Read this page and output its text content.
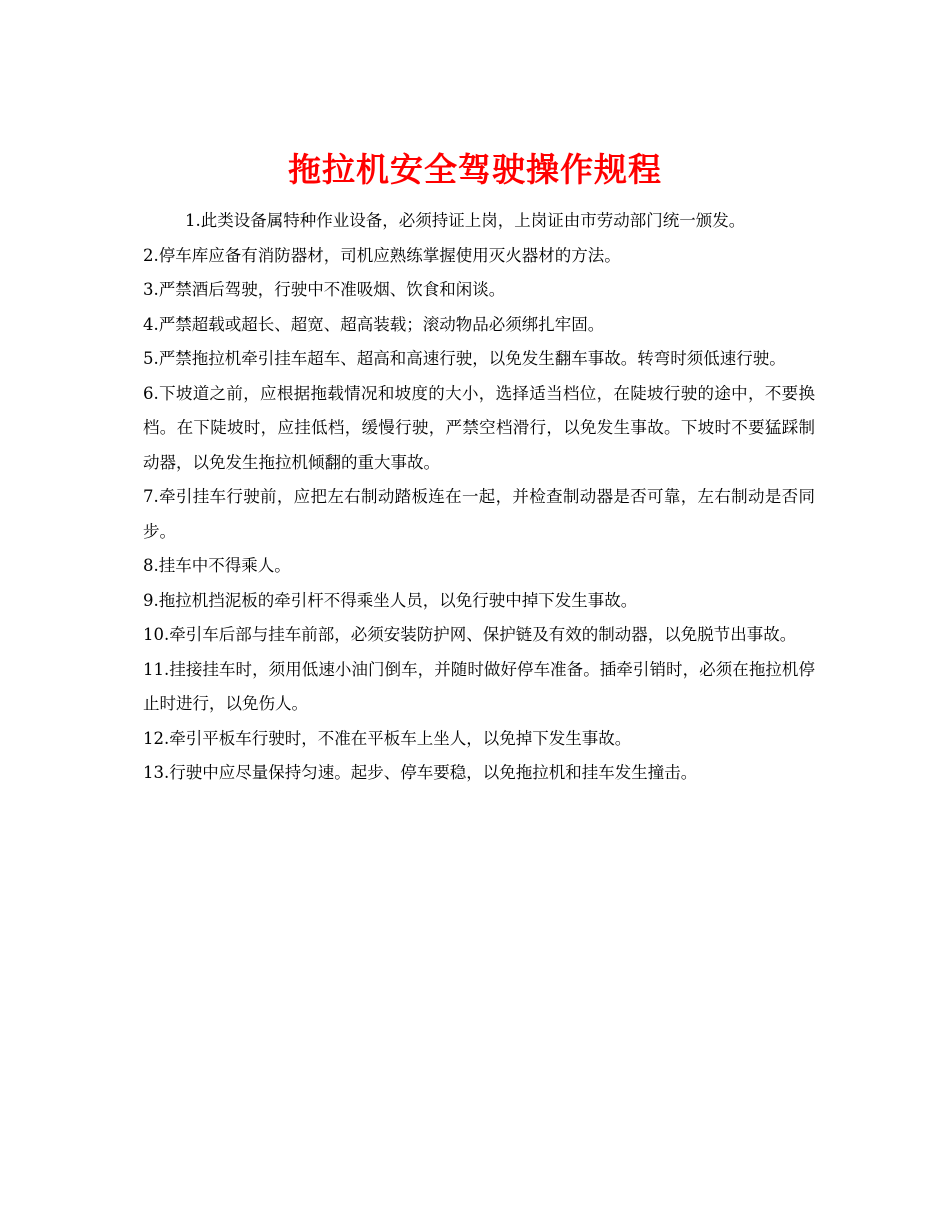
拖拉机安全驾驶操作规程

1.此类设备属特种作业设备，必须持证上岗，上岗证由市劳动部门统一颁发。

2.停车库应备有消防器材，司机应熟练掌握使用灭火器材的方法。

3.严禁酒后驾驶，行驶中不准吸烟、饮食和闲谈。

4.严禁超载或超长、超宽、超高装载；滚动物品必须绑扎牢固。

5.严禁拖拉机牵引挂车超车、超高和高速行驶，以免发生翻车事故。转弯时须低速行驶。

6.下坡道之前，应根据拖载情况和坡度的大小，选择适当档位，在陡坡行驶的途中，不要换档。在下陡坡时，应挂低档，缓慢行驶，严禁空档滑行，以免发生事故。下坡时不要猛踩制动器，以免发生拖拉机倾翻的重大事故。

7.牵引挂车行驶前，应把左右制动踏板连在一起，并检查制动器是否可靠，左右制动是否同步。

8.挂车中不得乘人。

9.拖拉机挡泥板的牵引杆不得乘坐人员，以免行驶中掉下发生事故。

10.牵引车后部与挂车前部，必须安装防护网、保护链及有效的制动器，以免脱节出事故。

11.挂接挂车时，须用低速小油门倒车，并随时做好停车准备。插牵引销时，必须在拖拉机停止时进行，以免伤人。

12.牵引平板车行驶时，不准在平板车上坐人，以免掉下发生事故。

13.行驶中应尽量保持匀速。起步、停车要稳，以免拖拉机和挂车发生撞击。
